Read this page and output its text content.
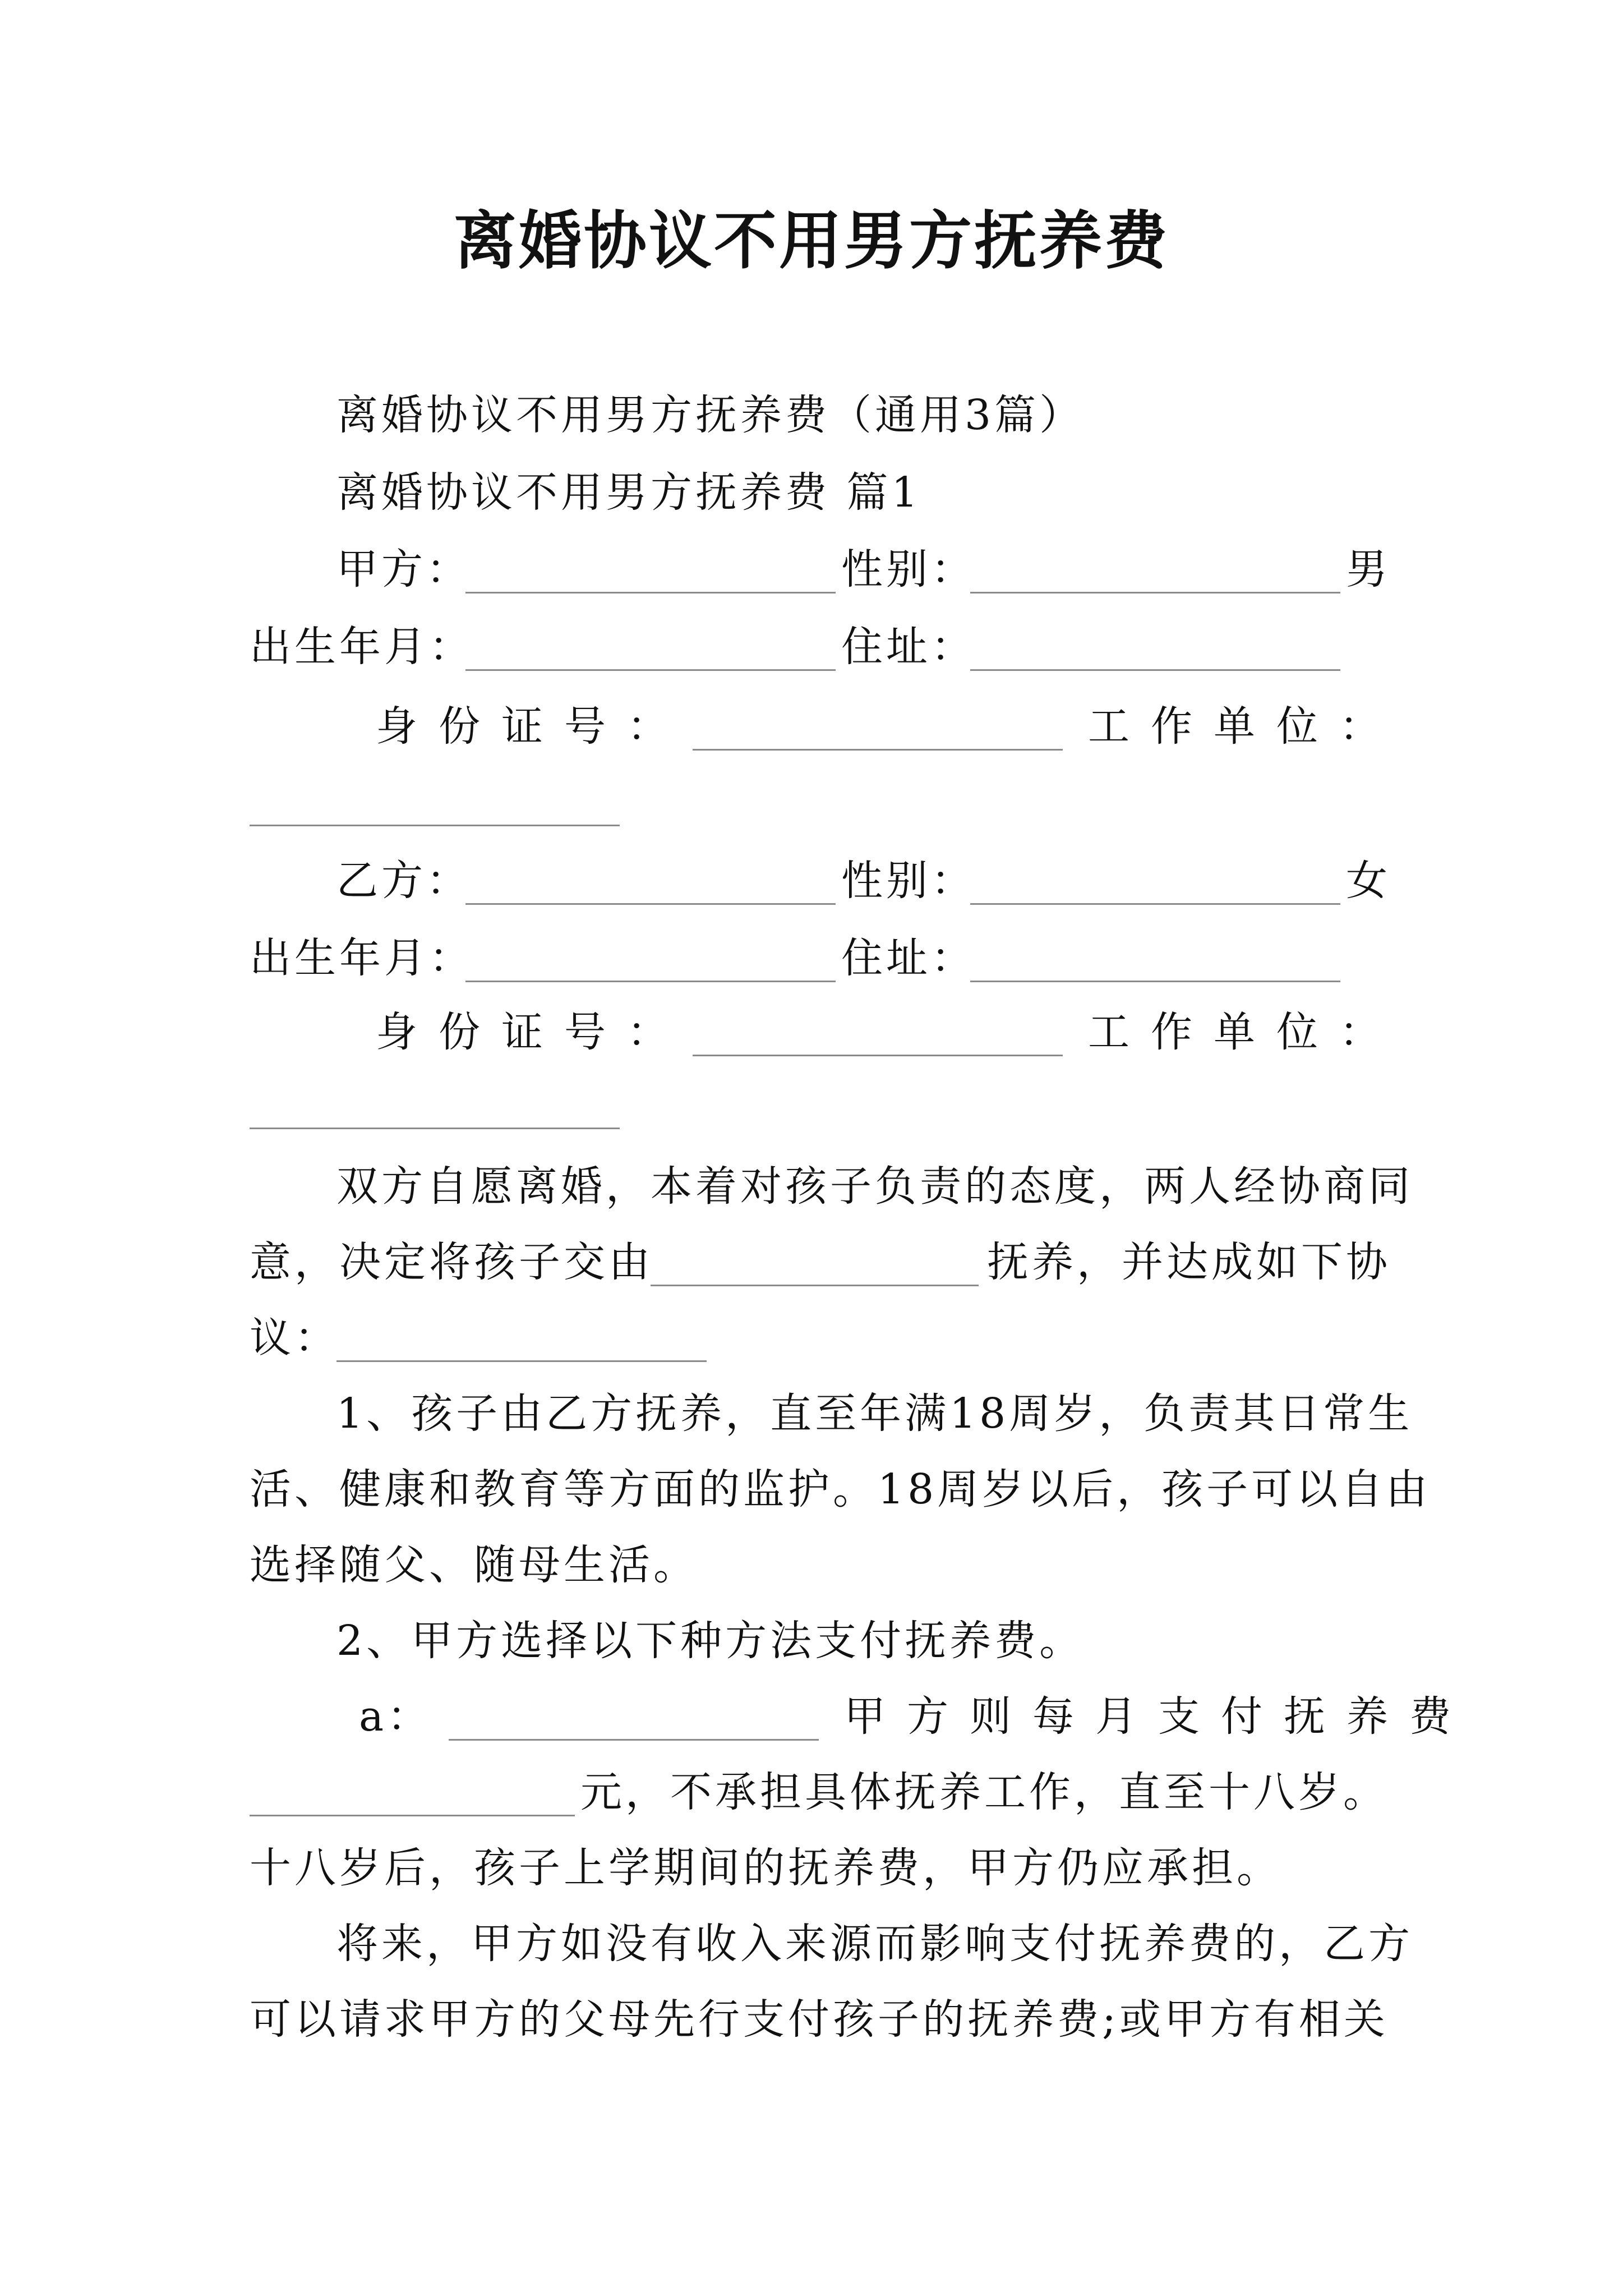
离婚协议不用男方抚养费
离婚协议不用男方抚养费（通用3篇）
离婚协议不用男方抚养费 篇1
甲方：	性别：	男
出生年月：	住址：
身份证号：	工作单位：
乙方：	性别：	女
出生年月：	住址：
身份证号：	工作单位：
双方自愿离婚，本着对孩子负责的态度，两人经协商同
意，决定将孩子交由	抚养，并达成如下协
议：
1、孩子由乙方抚养，直至年满18周岁，负责其日常生
活、健康和教育等方面的监护。18周岁以后，孩子可以自由
选择随父、随母生活。
2、甲方选择以下种方法支付抚养费。
a：	甲方则每月支付抚养费
元，不承担具体抚养工作，直至十八岁。
十八岁后，孩子上学期间的抚养费，甲方仍应承担。
将来，甲方如没有收入来源而影响支付抚养费的，乙方
可以请求甲方的父母先行支付孩子的抚养费;或甲方有相关
